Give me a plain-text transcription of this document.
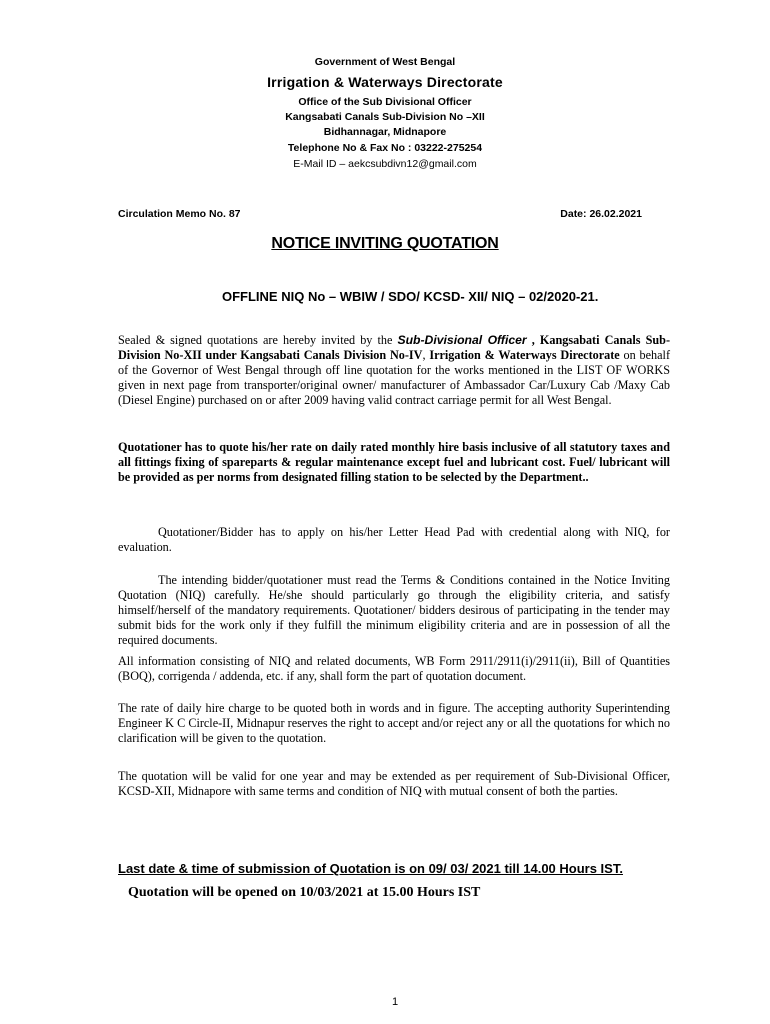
Government of West Bengal
Irrigation & Waterways Directorate
Office of the Sub Divisional Officer
Kangsabati Canals Sub-Division No –XII
Bidhannagar, Midnapore
Telephone No & Fax No : 03222-275254
E-Mail ID – aekcsubdivn12@gmail.com
Circulation Memo No. 87	Date: 26.02.2021
NOTICE INVITING QUOTATION
OFFLINE NIQ No – WBIW / SDO/ KCSD- XII/ NIQ – 02/2020-21.
Sealed & signed quotations are hereby invited by the Sub-Divisional Officer , Kangsabati Canals Sub-Division No-XII under Kangsabati Canals Division No-IV, Irrigation & Waterways Directorate on behalf of the Governor of West Bengal through off line quotation for the works mentioned in the LIST OF WORKS given in next page from transporter/original owner/ manufacturer of Ambassador Car/Luxury Cab /Maxy Cab (Diesel Engine) purchased on or after 2009 having valid contract carriage permit for all West Bengal.
Quotationer has to quote his/her rate on daily rated monthly hire basis inclusive of all statutory taxes and all fittings fixing of spareparts & regular maintenance except fuel and lubricant cost. Fuel/ lubricant will be provided as per norms from designated filling station to be selected by the Department..
Quotationer/Bidder has to apply on his/her Letter Head Pad with credential along with NIQ, for evaluation.
The intending bidder/quotationer must read the Terms & Conditions contained in the Notice Inviting Quotation (NIQ) carefully. He/she should particularly go through the eligibility criteria, and satisfy himself/herself of the mandatory requirements. Quotationer/ bidders desirous of participating in the tender may submit bids for the work only if they fulfill the minimum eligibility criteria and are in possession of all the required documents.
All information consisting of NIQ and related documents, WB Form 2911/2911(i)/2911(ii), Bill of Quantities (BOQ), corrigenda / addenda, etc. if any, shall form the part of quotation document.
The rate of daily hire charge to be quoted both in words and in figure. The accepting authority Superintending Engineer K C Circle-II, Midnapur reserves the right to accept and/or reject any or all the quotations for which no clarification will be given to the quotation.
The quotation will be valid for one year and may be extended as per requirement of Sub-Divisional Officer, KCSD-XII, Midnapore with same terms and condition of NIQ with mutual consent of both the parties.
Last date & time of submission of Quotation is on 09/ 03/ 2021 till 14.00 Hours IST.
Quotation will be opened on 10/03/2021 at 15.00 Hours IST
1
